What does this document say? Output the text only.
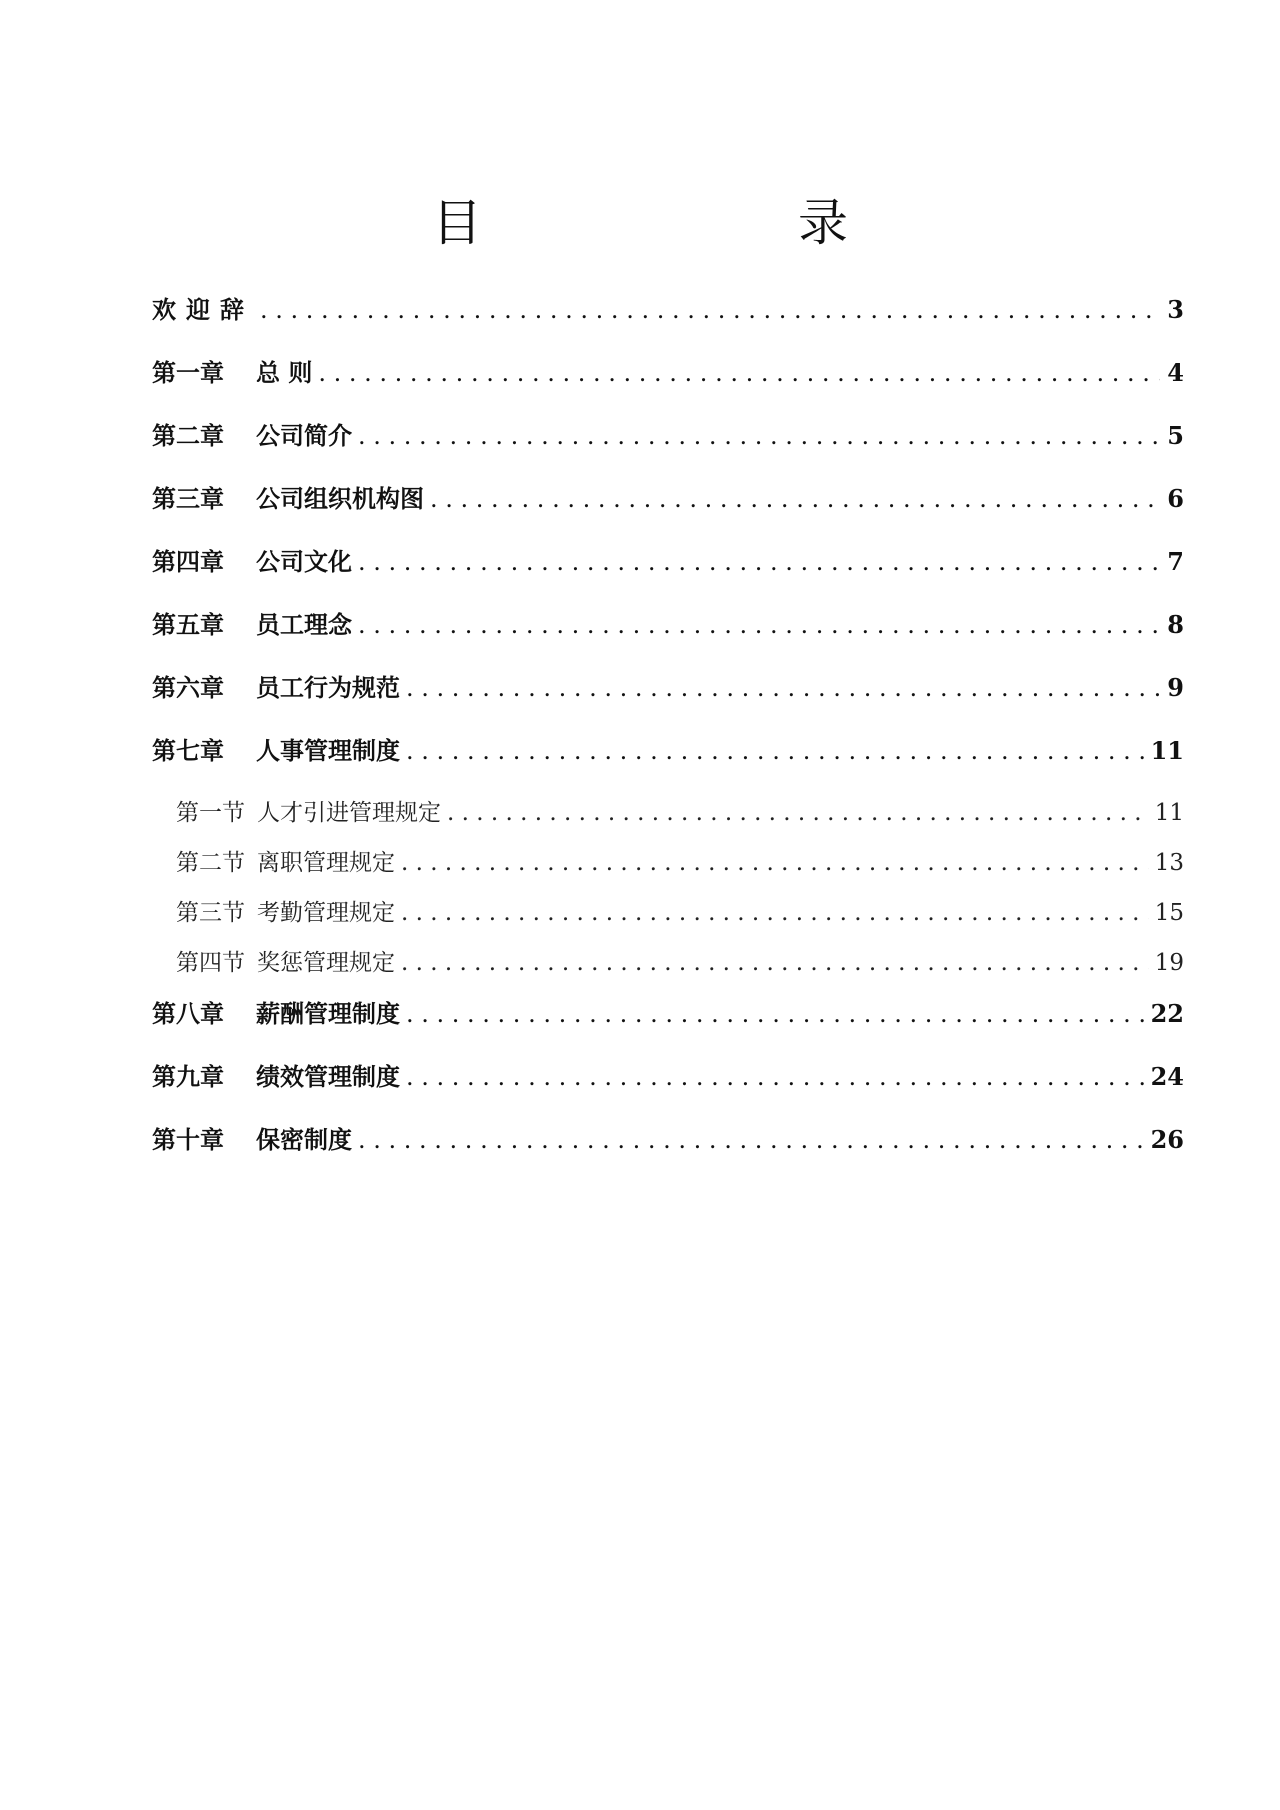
目　　录
欢迎辞 . . .	3
第一章 总 则 . . .	4
第二章 公司简介 . . .	5
第三章 公司组织机构图 . . .	6
第四章 公司文化 . . .	7
第五章 员工理念 . . .	8
第六章 员工行为规范 . . .	9
第七章 人事管理制度 . . .	11
第一节 人才引进管理规定 . . .	11
第二节 离职管理规定 . . .	13
第三节 考勤管理规定 . . .	15
第四节 奖惩管理规定 . . .	19
第八章 薪酬管理制度 . . .	22
第九章 绩效管理制度 . . .	24
第十章 保密制度 . . .	26
